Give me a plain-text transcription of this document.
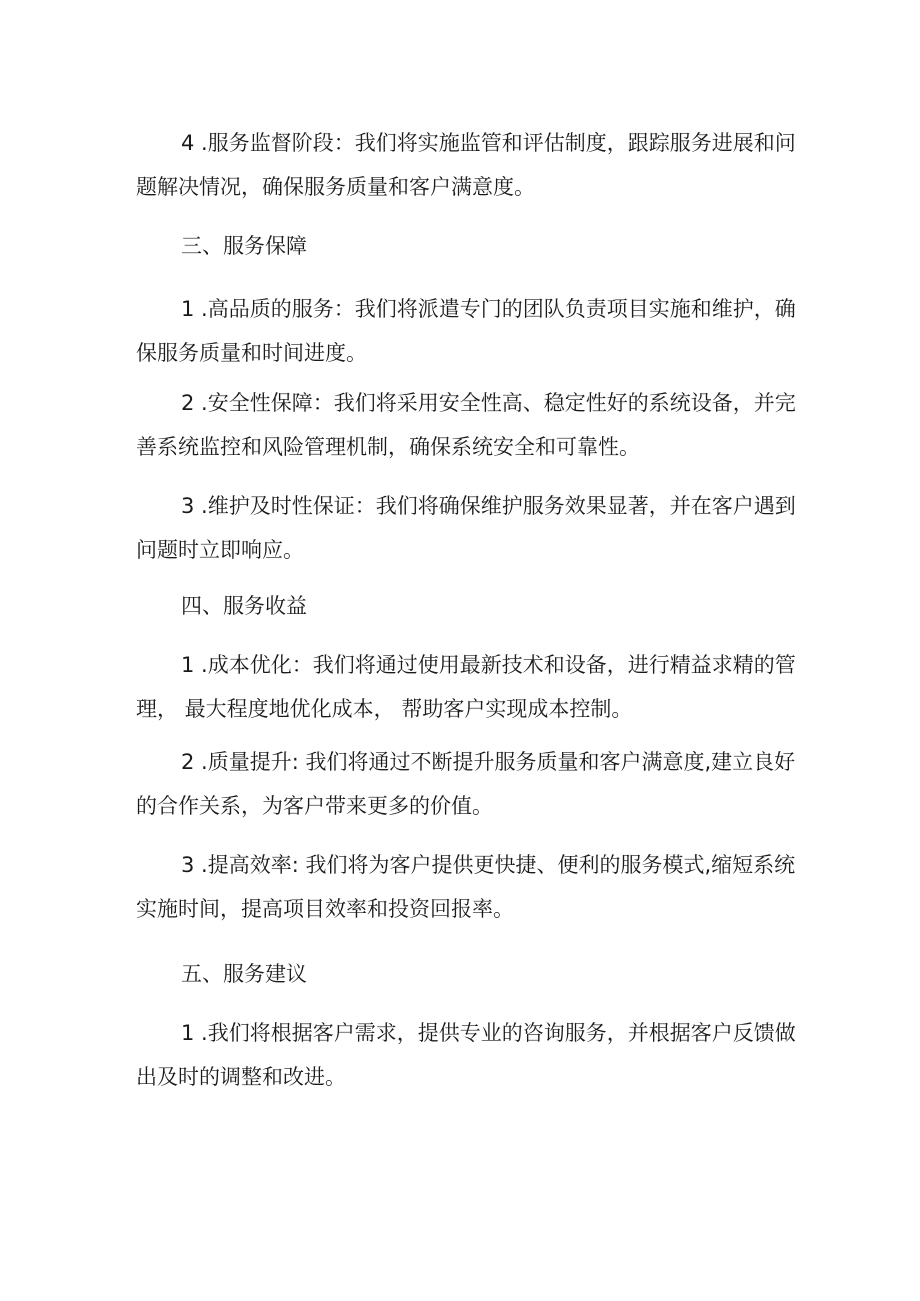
4 .服务监督阶段：我们将实施监管和评估制度，跟踪服务进展和问题解决情况，确保服务质量和客户满意度。

三、服务保障

1 .高品质的服务：我们将派遣专门的团队负责项目实施和维护，确保服务质量和时间进度。

2 .安全性保障：我们将采用安全性高、稳定性好的系统设备，并完善系统监控和风险管理机制，确保系统安全和可靠性。

3 .维护及时性保证：我们将确保维护服务效果显著，并在客户遇到问题时立即响应。

四、服务收益

1 .成本优化：我们将通过使用最新技术和设备，进行精益求精的管理， 最大程度地优化成本， 帮助客户实现成本控制。

2 .质量提升: 我们将通过不断提升服务质量和客户满意度,建立良好的合作关系，为客户带来更多的价值。

3 .提高效率: 我们将为客户提供更快捷、便利的服务模式,缩短系统实施时间，提高项目效率和投资回报率。

五、服务建议

1 .我们将根据客户需求，提供专业的咨询服务，并根据客户反馈做出及时的调整和改进。
